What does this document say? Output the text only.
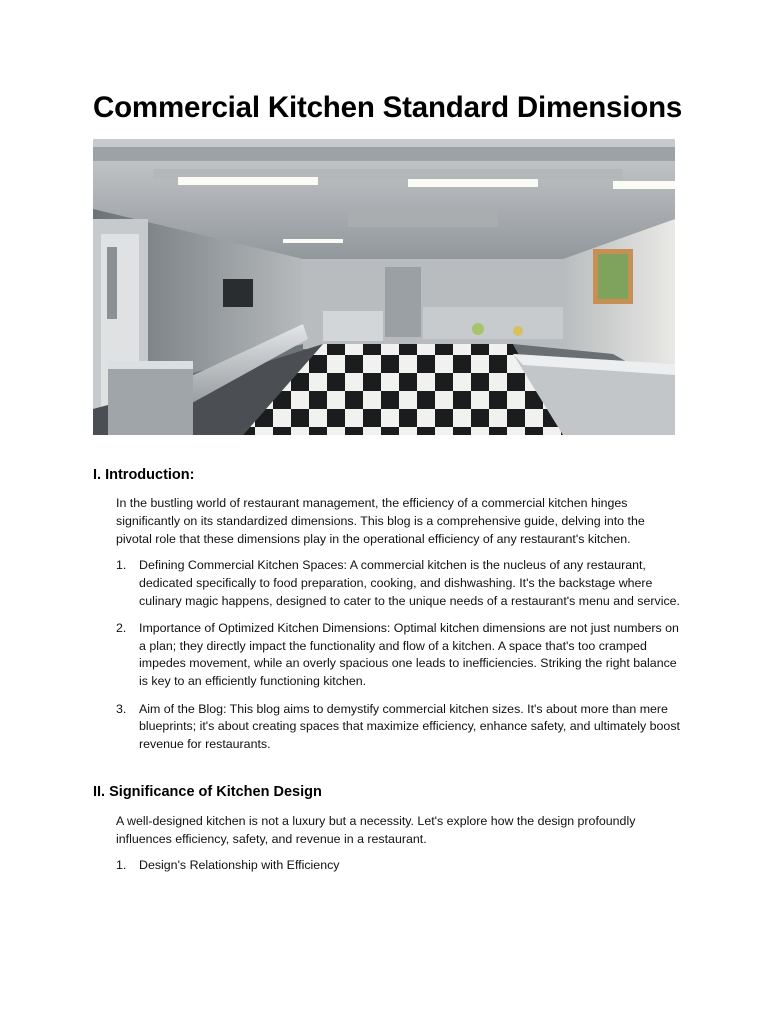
Commercial Kitchen Standard Dimensions
I. Introduction:

In the bustling world of restaurant management, the efficiency of a commercial kitchen hinges significantly on its standardized dimensions. This blog is a comprehensive guide, delving into the pivotal role that these dimensions play in the operational efficiency of any restaurant's kitchen.

1. Defining Commercial Kitchen Spaces: A commercial kitchen is the nucleus of any restaurant, dedicated specifically to food preparation, cooking, and dishwashing. It's the backstage where culinary magic happens, designed to cater to the unique needs of a restaurant's menu and service.
2. Importance of Optimized Kitchen Dimensions: Optimal kitchen dimensions are not just numbers on a plan; they directly impact the functionality and flow of a kitchen. A space that's too cramped impedes movement, while an overly spacious one leads to inefficiencies. Striking the right balance is key to an efficiently functioning kitchen.
3. Aim of the Blog: This blog aims to demystify commercial kitchen sizes. It's about more than mere blueprints; it's about creating spaces that maximize efficiency, enhance safety, and ultimately boost revenue for restaurants.
II. Significance of Kitchen Design

A well-designed kitchen is not a luxury but a necessity. Let's explore how the design profoundly influences efficiency, safety, and revenue in a restaurant.

1. Design's Relationship with Efficiency
